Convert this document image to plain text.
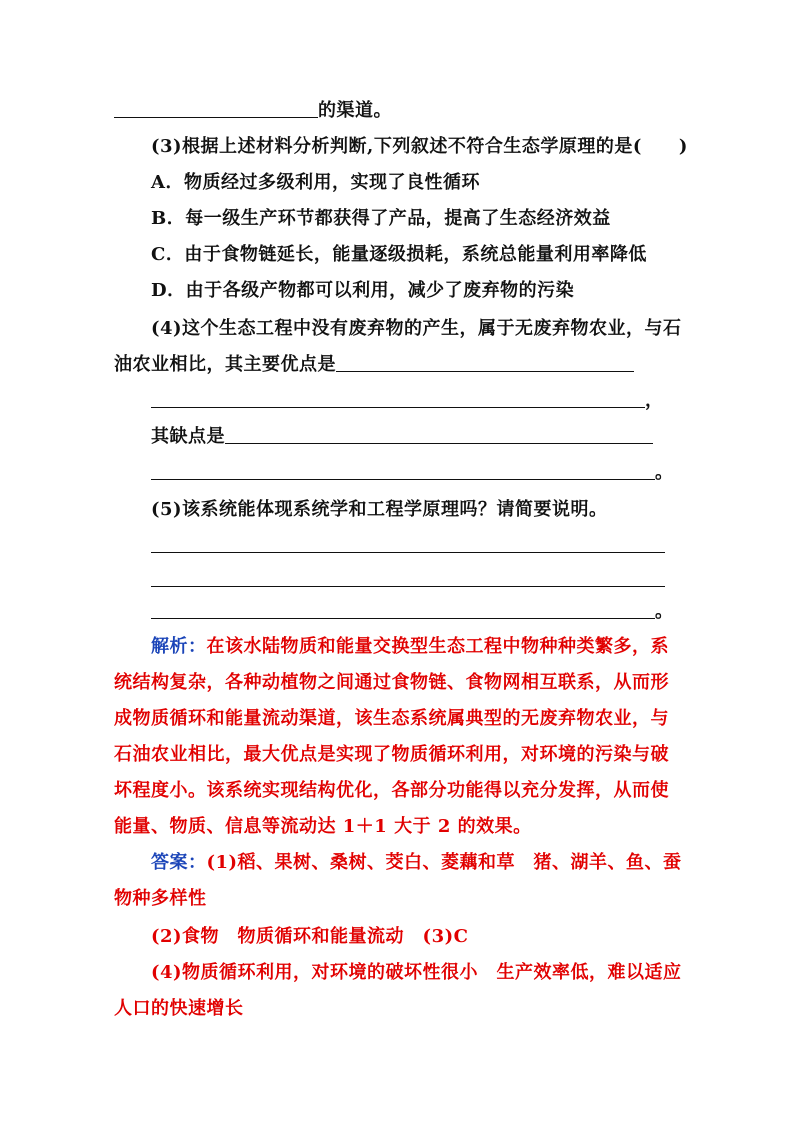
的渠道。
(3)根据上述材料分析判断,下列叙述不符合生态学原理的是(　　)
A．物质经过多级利用，实现了良性循环
B．每一级生产环节都获得了产品，提高了生态经济效益
C．由于食物链延长，能量逐级损耗，系统总能量利用率降低
D．由于各级产物都可以利用，减少了废弃物的污染
(4)这个生态工程中没有废弃物的产生，属于无废弃物农业，与石
油农业相比，其主要优点是
，
其缺点是
。
(5)该系统能体现系统学和工程学原理吗？请简要说明。
。
解析：在该水陆物质和能量交换型生态工程中物种种类繁多，系
统结构复杂，各种动植物之间通过食物链、食物网相互联系，从而形
成物质循环和能量流动渠道，该生态系统属典型的无废弃物农业，与
石油农业相比，最大优点是实现了物质循环利用，对环境的污染与破
坏程度小。该系统实现结构优化，各部分功能得以充分发挥，从而使
能量、物质、信息等流动达 1＋1 大于 2 的效果。
答案：(1)稻、果树、桑树、茭白、菱藕和草　猪、湖羊、鱼、蚕
物种多样性
(2)食物　物质循环和能量流动　(3)C
(4)物质循环利用，对环境的破坏性很小　生产效率低，难以适应
人口的快速增长
